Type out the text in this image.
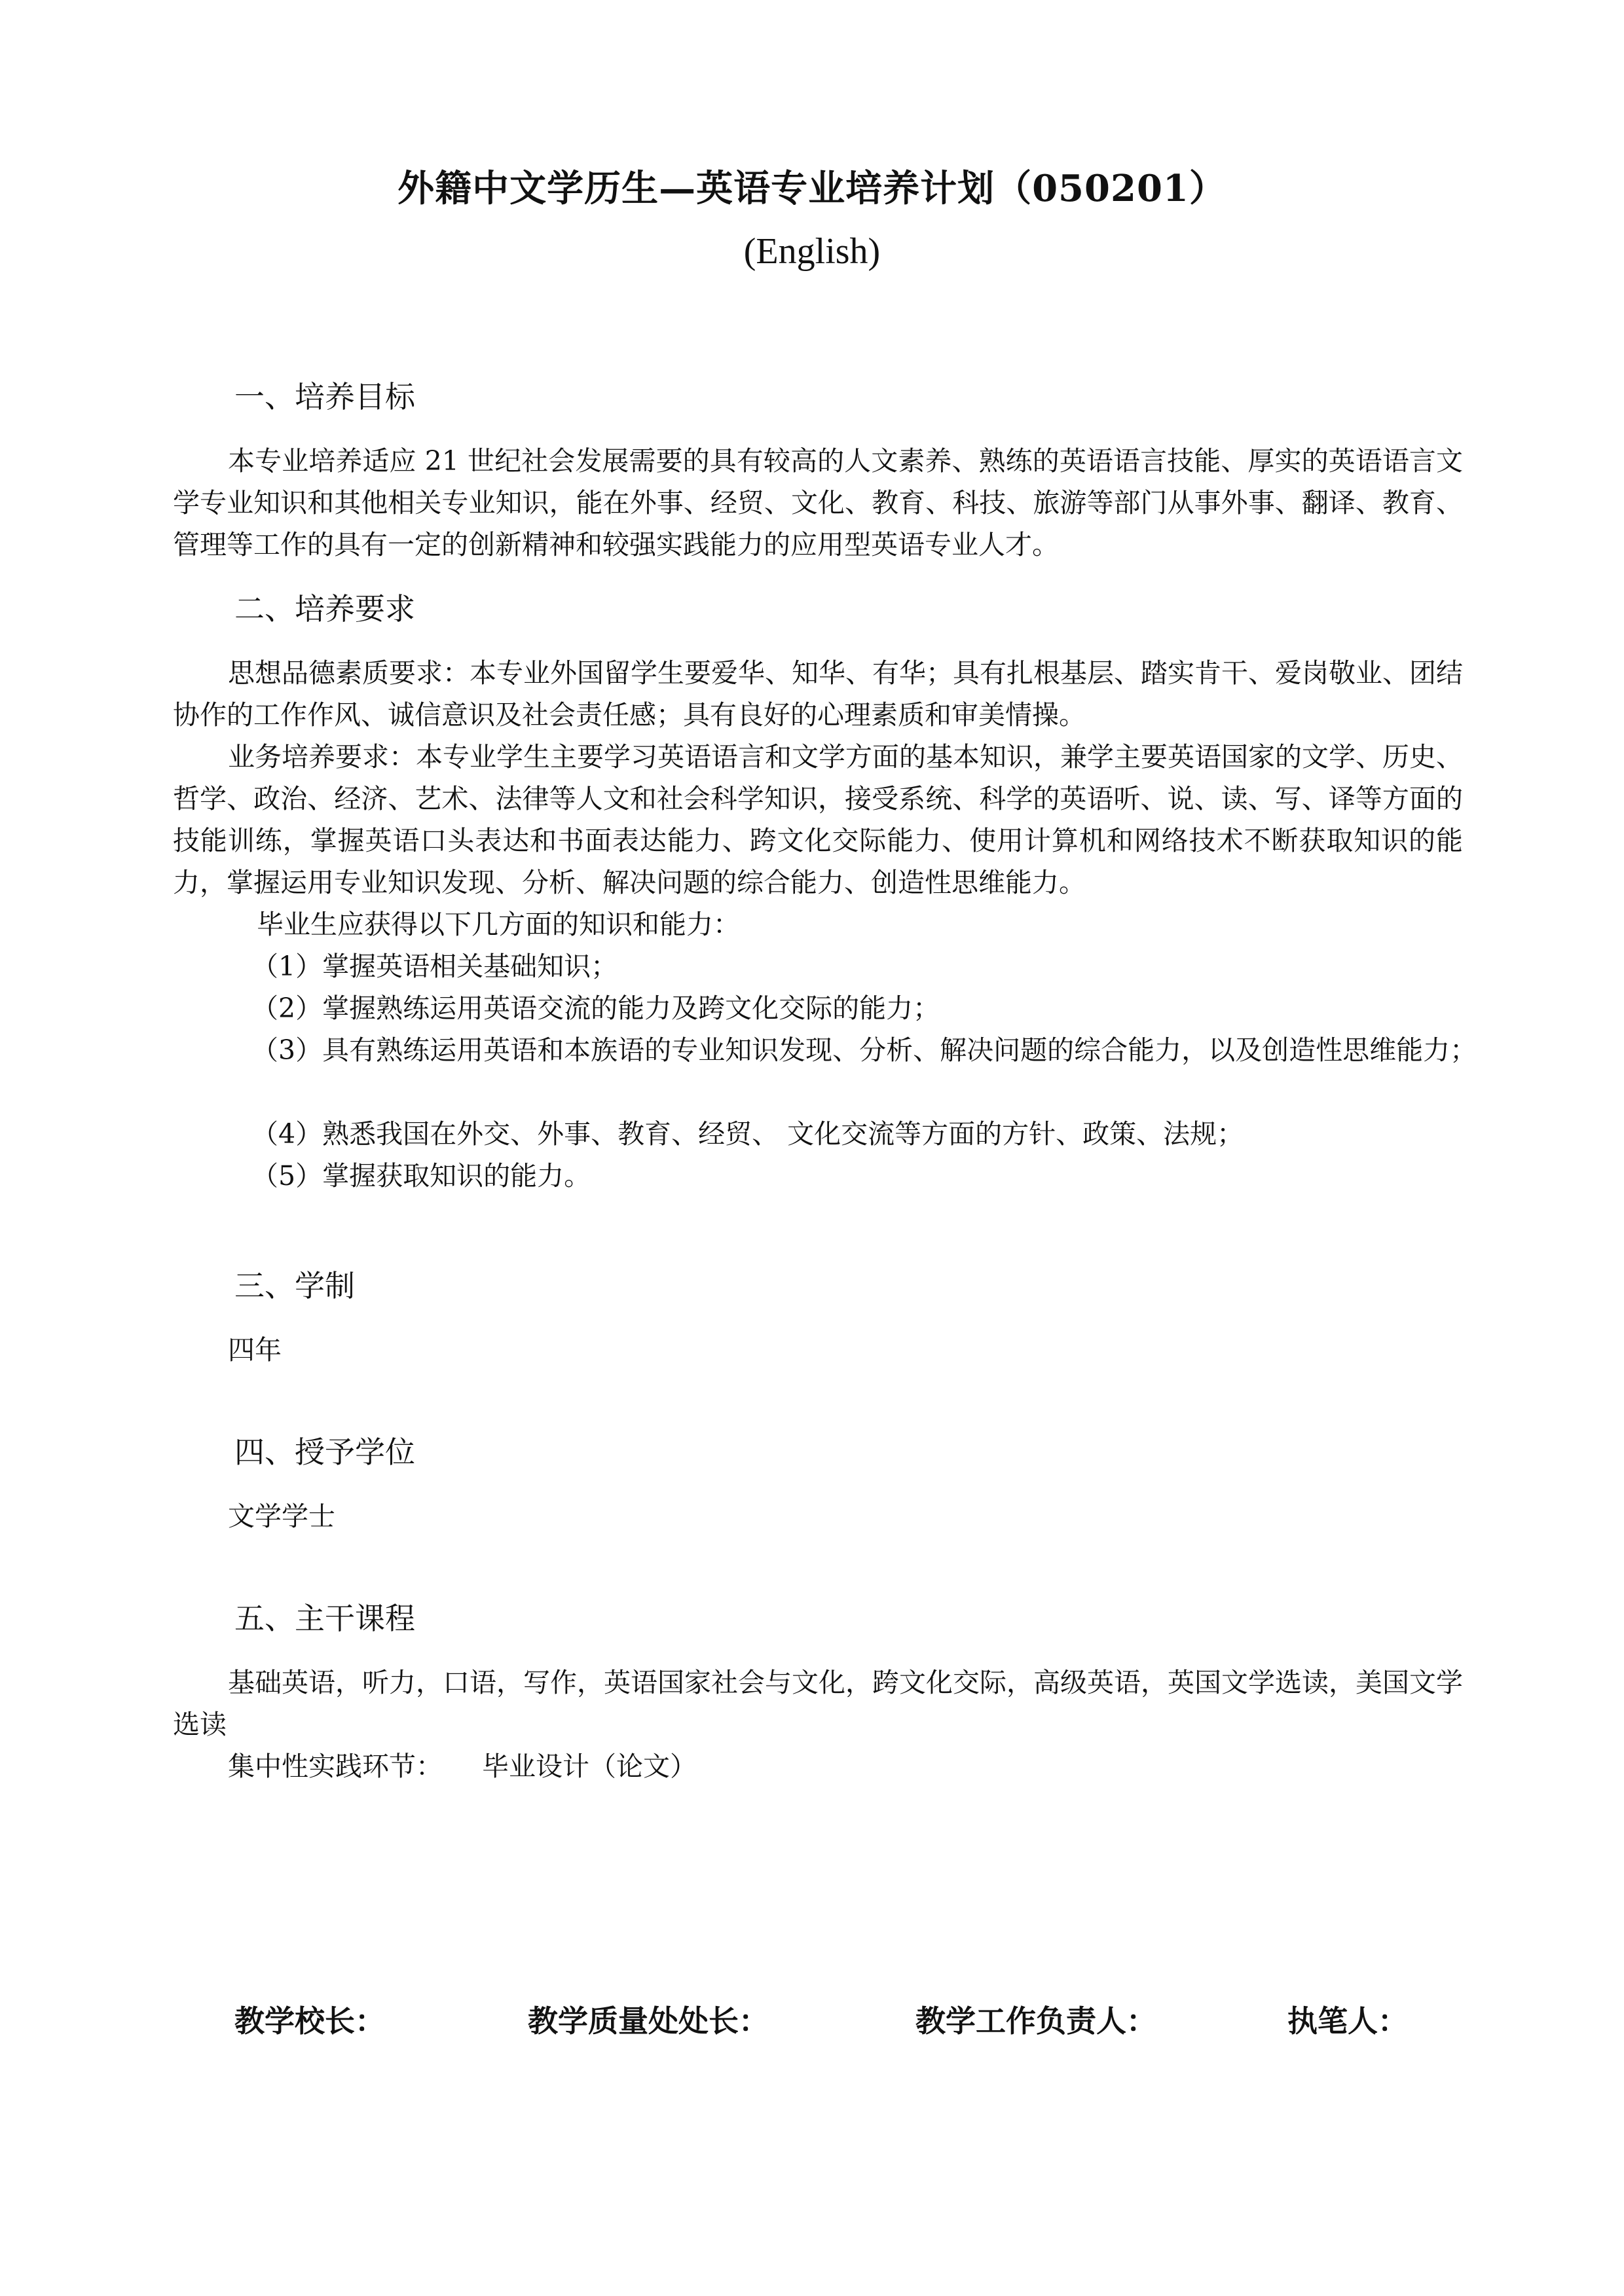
外籍中文学历生—英语专业培养计划（050201）
(English)
一、培养目标
本专业培养适应 21 世纪社会发展需要的具有较高的人文素养、熟练的英语语言技能、厚实的英语语言文学专业知识和其他相关专业知识，能在外事、经贸、文化、教育、科技、旅游等部门从事外事、翻译、教育、管理等工作的具有一定的创新精神和较强实践能力的应用型英语专业人才。
二、培养要求
思想品德素质要求：本专业外国留学生要爱华、知华、有华；具有扎根基层、踏实肯干、爱岗敬业、团结协作的工作作风、诚信意识及社会责任感；具有良好的心理素质和审美情操。
业务培养要求：本专业学生主要学习英语语言和文学方面的基本知识，兼学主要英语国家的文学、历史、哲学、政治、经济、艺术、法律等人文和社会科学知识，接受系统、科学的英语听、说、读、写、译等方面的技能训练，掌握英语口头表达和书面表达能力、跨文化交际能力、使用计算机和网络技术不断获取知识的能力，掌握运用专业知识发现、分析、解决问题的综合能力、创造性思维能力。
毕业生应获得以下几方面的知识和能力：
（1）掌握英语相关基础知识；
（2）掌握熟练运用英语交流的能力及跨文化交际的能力；
（3）具有熟练运用英语和本族语的专业知识发现、分析、解决问题的综合能力，以及创造性思维能力；
（4）熟悉我国在外交、外事、教育、经贸、 文化交流等方面的方针、政策、法规；
（5）掌握获取知识的能力。
三、学制
四年
四、授予学位
文学学士
五、主干课程
基础英语，听力，口语，写作，英语国家社会与文化，跨文化交际，高级英语，英国文学选读，美国文学选读
集中性实践环节： 毕业设计（论文）
教学校长：	教学质量处处长：	教学工作负责人：	执笔人：
